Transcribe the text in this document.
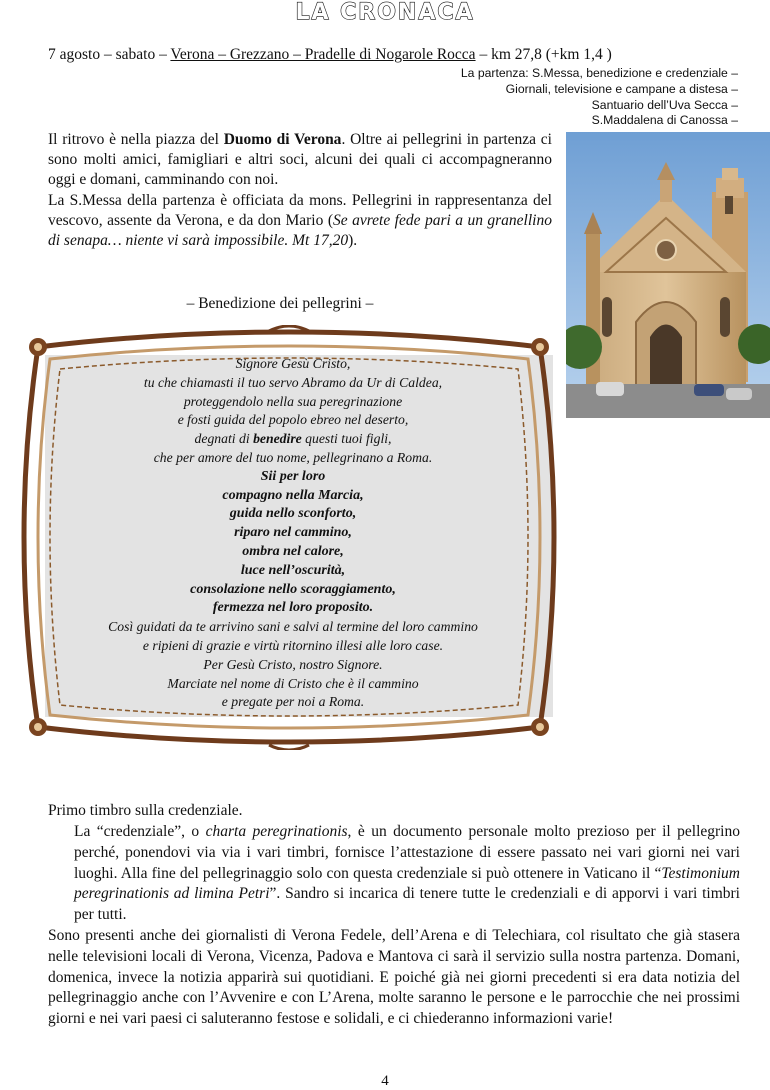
LA CRONACA
7 agosto – sabato – Verona – Grezzano – Pradelle di Nogarole Rocca – km 27,8 (+km 1,4 )
La partenza: S.Messa, benedizione e credenziale –
Giornali, televisione e campane a distesa –
Santuario dell’Uva Secca –
S.Maddalena di Canossa –

Il ritrovo è nella piazza del Duomo di Verona. Oltre ai pellegrini in partenza ci sono molti amici, famigliari e altri soci, alcuni dei quali ci accompagneranno oggi e domani, camminando con noi.

La S.Messa della partenza è officiata da mons. Pellegrini in rappresentanza del vescovo, assente da Verona, e da don Mario (Se avrete fede pari a un granellino di senapa… niente vi sarà impossibile. Mt 17,20).

– Benedizione dei pellegrini –
Signore Gesù Cristo,
tu che chiamasti il tuo servo Abramo da Ur di Caldea,
proteggendolo nella sua peregrinazione
e fosti guida del popolo ebreo nel deserto,
degnati di benedire questi tuoi figli,
che per amore del tuo nome, pellegrinano a Roma.
Sii per loro
compagno nella Marcia,
guida nello sconforto,
riparo nel cammino,
ombra nel calore,
luce nell’oscurità,
consolazione nello scoraggiamento,
fermezza nel loro proposito.
Così guidati da te arrivino sani e salvi al termine del loro cammino
e ripieni di grazie e virtù ritornino illesi alle loro case.
Per Gesù Cristo, nostro Signore.
Marciate nel nome di Cristo che è il cammino
e pregate per noi a Roma.
Primo timbro sulla credenziale.
La “credenziale”, o charta peregrinationis, è un documento personale molto prezioso per il pellegrino perché, ponendovi via via i vari timbri, fornisce l’attestazione di essere passato nei vari giorni nei vari luoghi. Alla fine del pellegrinaggio solo con questa credenziale si può ottenere in Vaticano il “Testimonium peregrinationis ad limina Petri”. Sandro si incarica di tenere tutte le credenziali e di apporvi i vari timbri per tutti.
Sono presenti anche dei giornalisti di Verona Fedele, dell’Arena e di Telechiara, col risultato che già stasera nelle televisioni locali di Verona, Vicenza, Padova e Mantova ci sarà il servizio sulla nostra partenza. Domani, domenica, invece la notizia apparirà sui quotidiani. E poiché già nei giorni precedenti si era data notizia del pellegrinaggio anche con l’Avvenire e con L’Arena, molte saranno le persone e le parrocchie che nei prossimi giorni e nei vari paesi ci saluteranno festose e solidali, e ci chiederanno informazioni varie!
4
